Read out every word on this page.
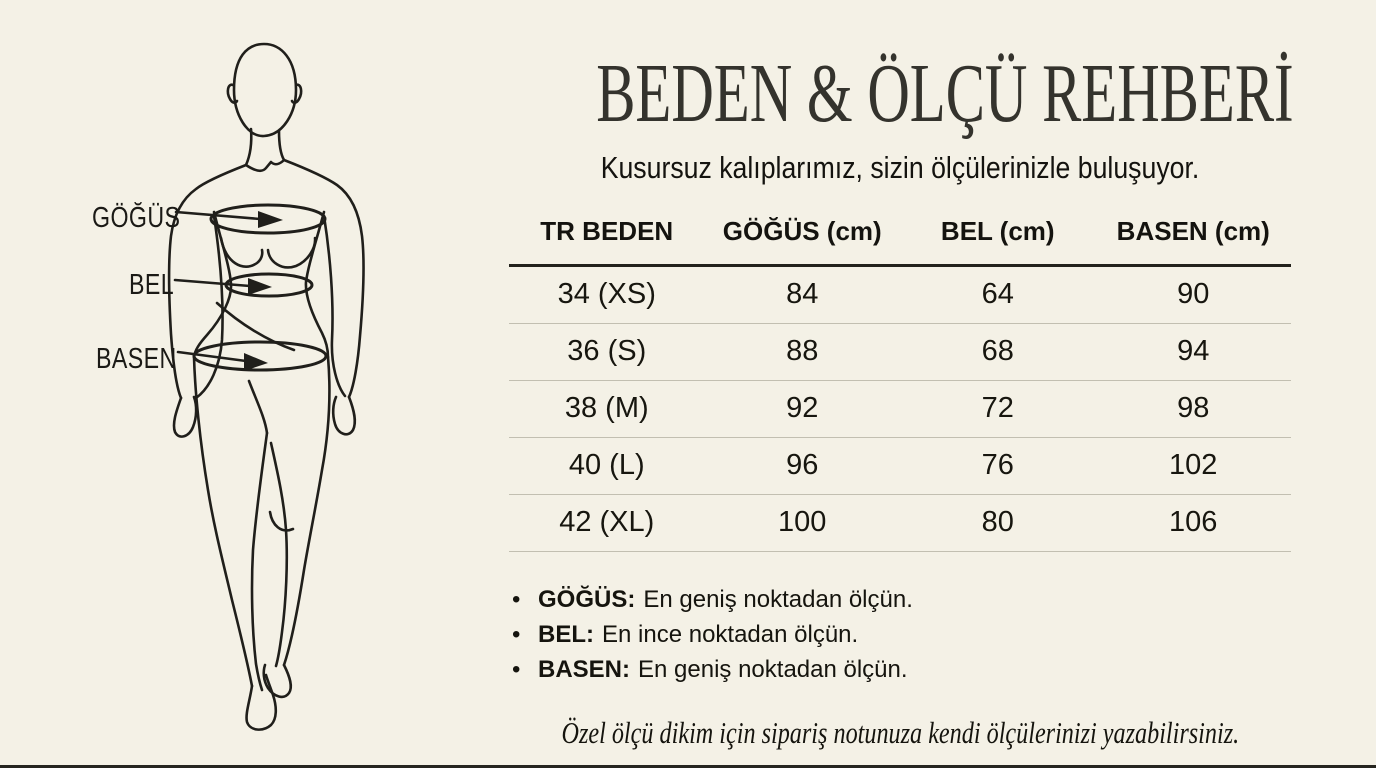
GÖĞÜS
BEL
BASEN
BEDEN & ÖLÇÜ REHBERİ

Kusursuz kalıplarımız, sizin ölçülerinizle buluşuyor.

TR BEDEN	GÖĞÜS (cm)	BEL (cm)	BASEN (cm)
34 (XS)	84	64	90
36 (S)	88	68	94
38 (M)	92	72	98
40 (L)	96	76	102
42 (XL)	100	80	106
• GÖĞÜS: En geniş noktadan ölçün.
• BEL: En ince noktadan ölçün.
• BASEN: En geniş noktadan ölçün.

Özel ölçü dikim için sipariş notunuza kendi ölçülerinizi yazabilirsiniz.
